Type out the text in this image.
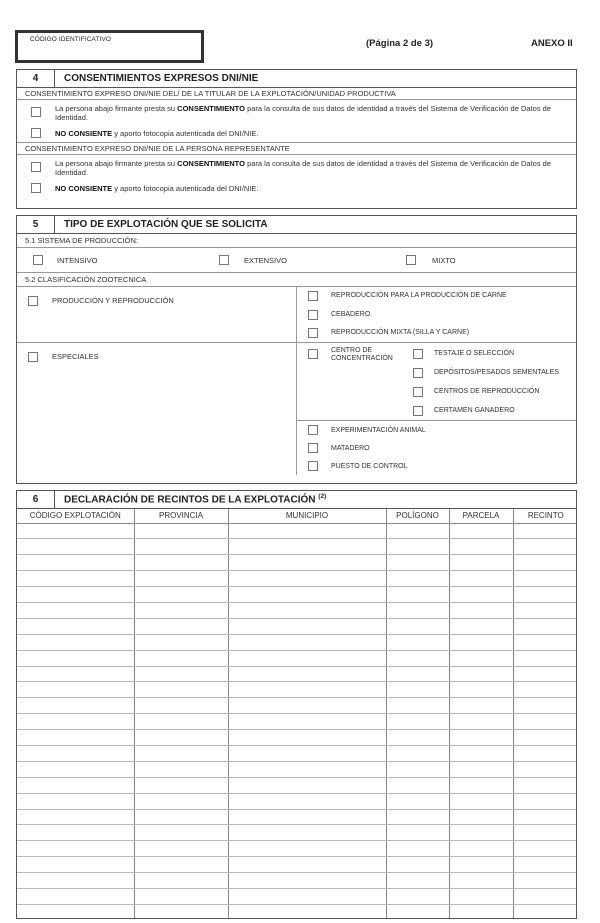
CÓDIGO IDENTIFICATIVO	(Página 2 de 3)	ANEXO II
4	CONSENTIMIENTOS EXPRESOS DNI/NIE
CONSENTIMIENTO EXPRESO DNI/NIE DEL/ DE LA TITULAR DE LA EXPLOTACIÓN/UNIDAD PRODUCTIVA
La persona abajo firmante presta su CONSENTIMIENTO para la consulta de sus datos de identidad a través del Sistema de Verificación de Datos de Identidad.
NO CONSIENTE y aporto fotocopia autenticada del DNI/NIE.
CONSENTIMIENTO EXPRESO DNI/NIE DE LA PERSONA REPRESENTANTE
La persona abajo firmante presta su CONSENTIMIENTO para la consulta de sus datos de identidad a través del Sistema de Verificación de Datos de Identidad.
NO CONSIENTE y aporto fotocopia autenticada del DNI/NIE.
5	TIPO DE EXPLOTACIÓN QUE SE SOLICITA
5.1 SISTEMA DE PRODUCCIÓN:
INTENSIVO	EXTENSIVO	MIXTO
5.2 CLASIFICACIÓN ZOOTECNICA
PRODUCCIÓN Y REPRODUCCIÓN
REPRODUCCIÓN PARA LA PRODUCCIÓN DE CARNE
CEBADERO
REPRODUCCIÓN MIXTA (SILLA Y CARNE)
ESPECIALES
CENTRO DE
CONCENTRACIÓN
TESTAJE O SELECCIÓN
DEPÓSITOS/PESADOS SEMENTALES
CENTROS DE REPRODUCCIÓN
CERTAMEN GANADERO
EXPERIMENTACIÓN ANIMAL
MATADERO
PUESTO DE CONTROL
6	DECLARACIÓN DE RECINTOS DE LA EXPLOTACIÓN $^{(2)}$
CÓDIGO EXPLOTACIÓN	PROVINCIA	MUNICIPIO	POLÍGONO	PARCELA	RECINTO
